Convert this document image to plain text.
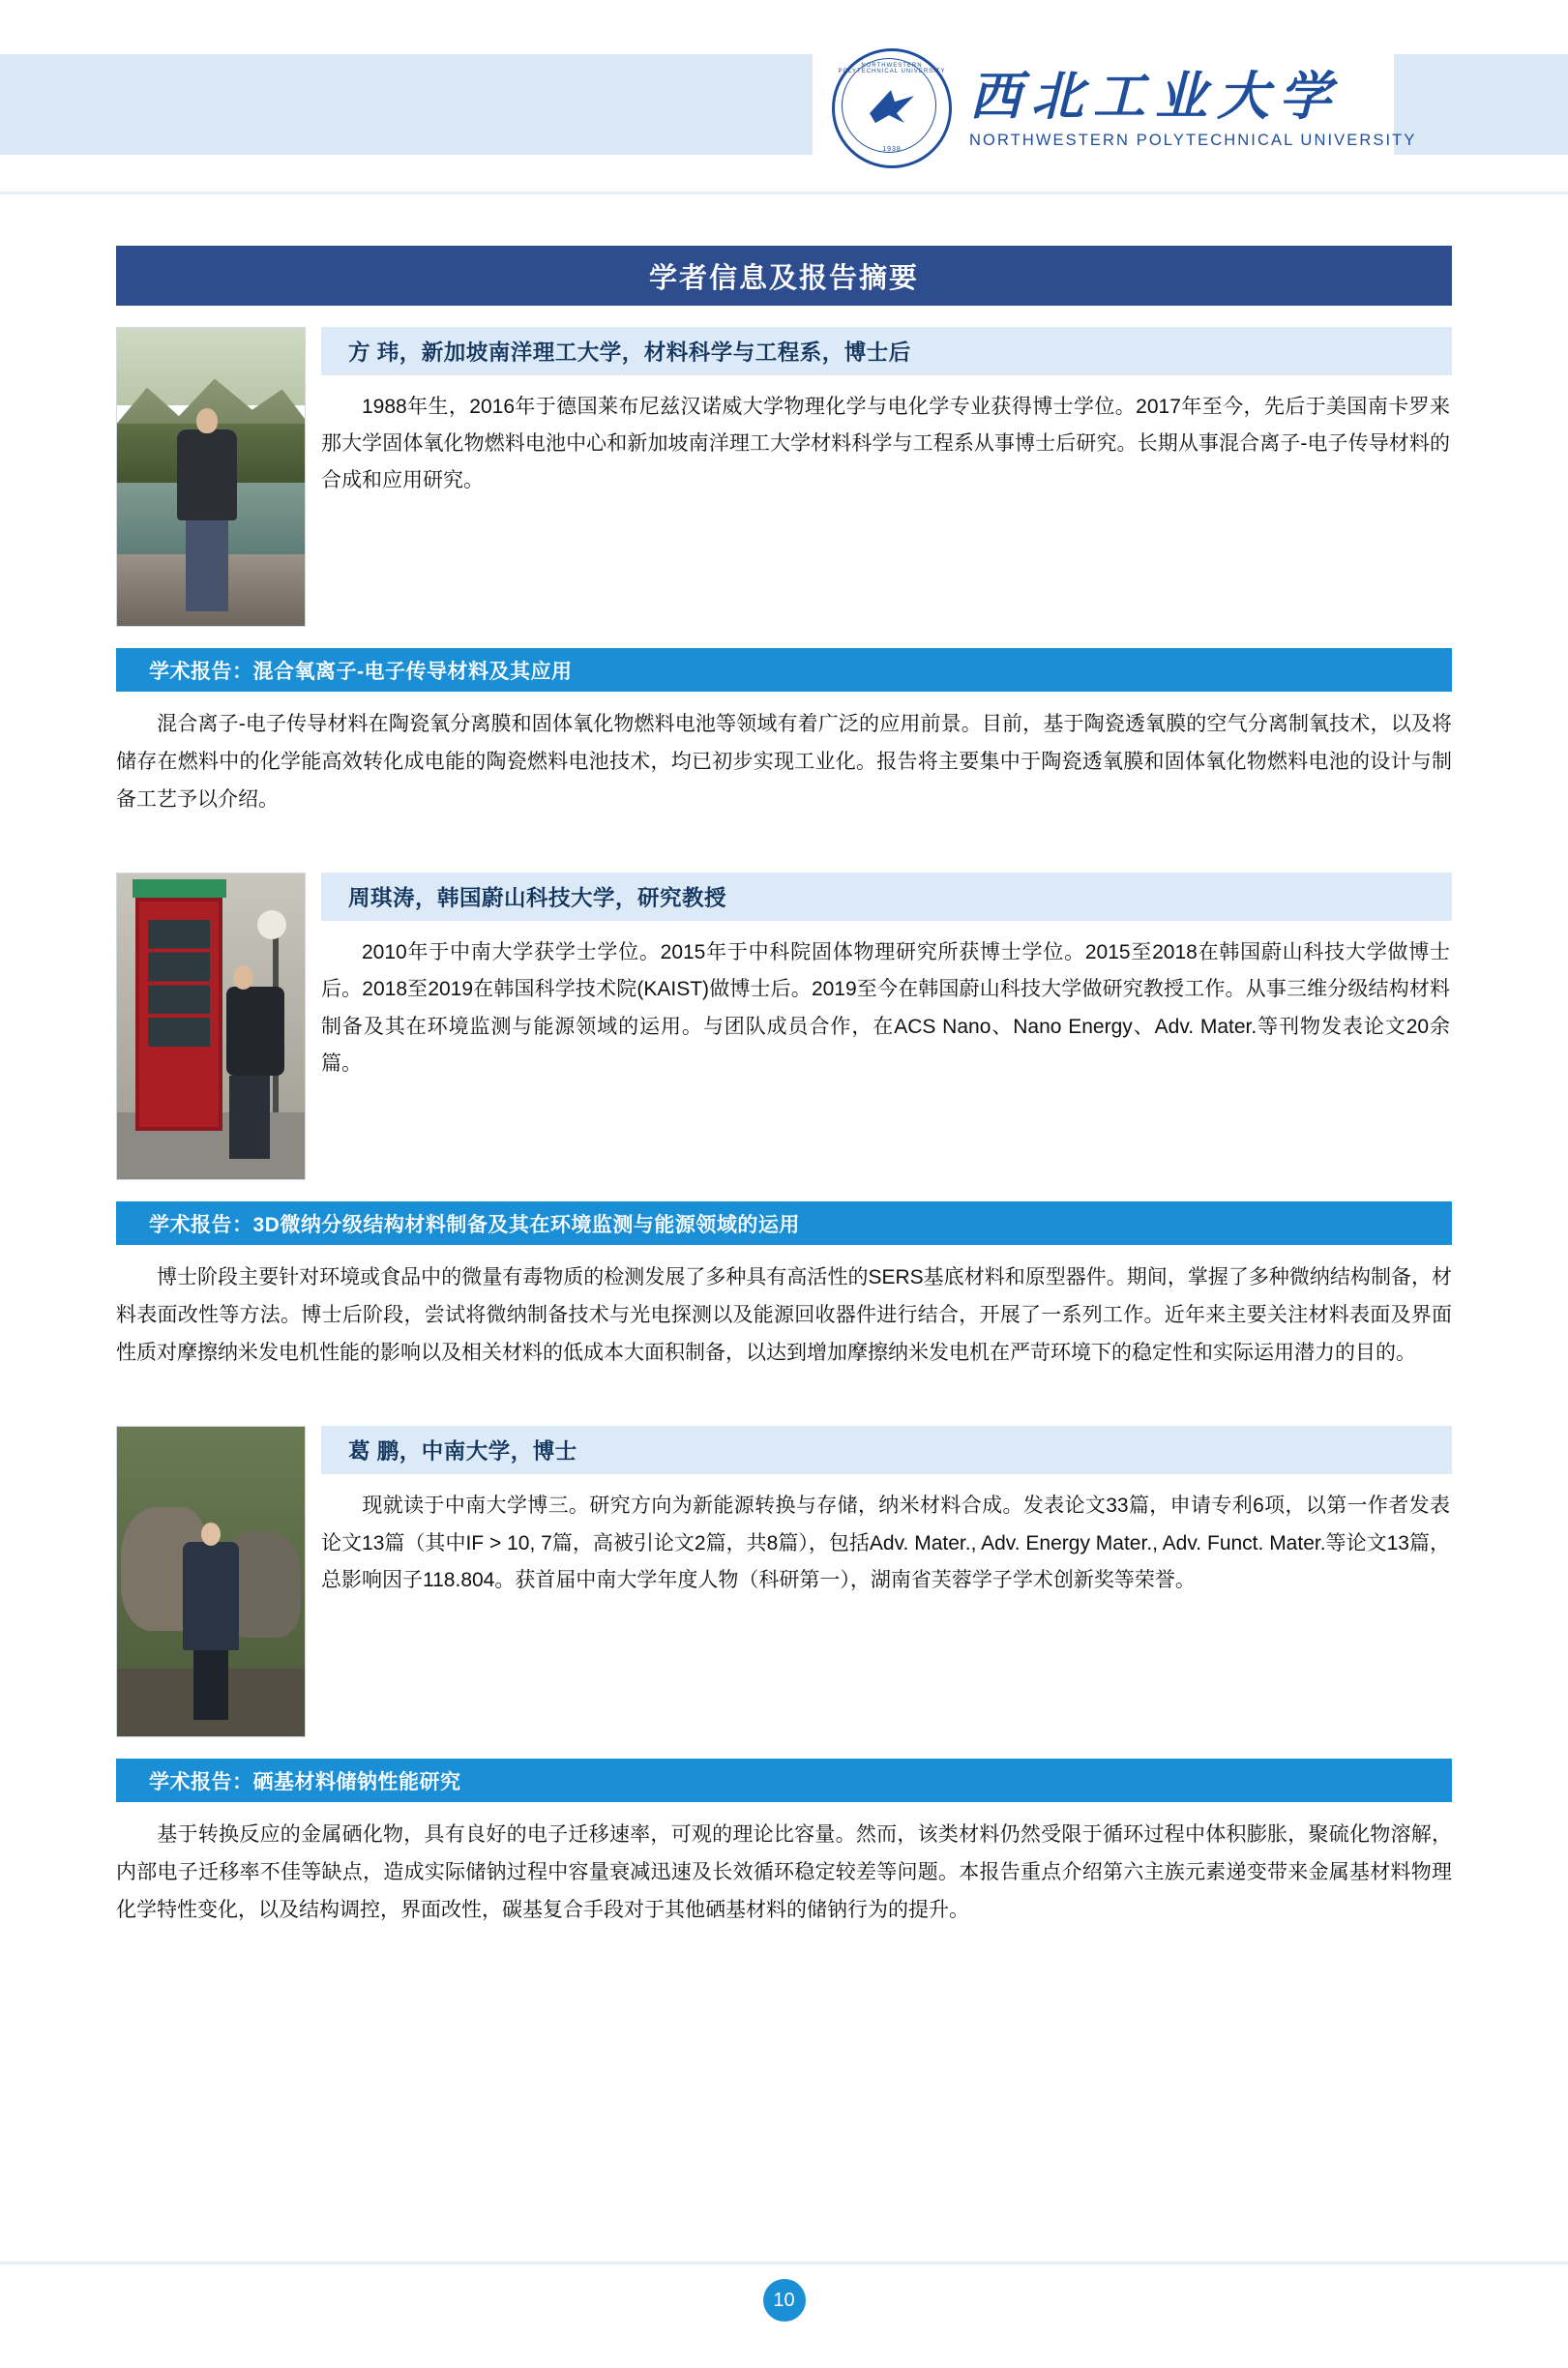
NORTHWESTERN POLYTECHNICAL UNIVERSITY
1938
西北工业大学
NORTHWESTERN POLYTECHNICAL UNIVERSITY
学者信息及报告摘要
方 玮，新加坡南洋理工大学，材料科学与工程系，博士后
1988年生，2016年于德国莱布尼兹汉诺威大学物理化学与电化学专业获得博士学位。2017年至今，先后于美国南卡罗来那大学固体氧化物燃料电池中心和新加坡南洋理工大学材料科学与工程系从事博士后研究。长期从事混合离子-电子传导材料的合成和应用研究。
学术报告：混合氧离子-电子传导材料及其应用
混合离子-电子传导材料在陶瓷氧分离膜和固体氧化物燃料电池等领域有着广泛的应用前景。目前，基于陶瓷透氧膜的空气分离制氧技术，以及将储存在燃料中的化学能高效转化成电能的陶瓷燃料电池技术，均已初步实现工业化。报告将主要集中于陶瓷透氧膜和固体氧化物燃料电池的设计与制备工艺予以介绍。
周琪涛，韩国蔚山科技大学，研究教授
2010年于中南大学获学士学位。2015年于中科院固体物理研究所获博士学位。2015至2018在韩国蔚山科技大学做博士后。2018至2019在韩国科学技术院(KAIST)做博士后。2019至今在韩国蔚山科技大学做研究教授工作。从事三维分级结构材料制备及其在环境监测与能源领域的运用。与团队成员合作，在ACS Nano、Nano Energy、Adv. Mater.等刊物发表论文20余篇。
学术报告：3D微纳分级结构材料制备及其在环境监测与能源领域的运用
博士阶段主要针对环境或食品中的微量有毒物质的检测发展了多种具有高活性的SERS基底材料和原型器件。期间，掌握了多种微纳结构制备，材料表面改性等方法。博士后阶段，尝试将微纳制备技术与光电探测以及能源回收器件进行结合，开展了一系列工作。近年来主要关注材料表面及界面性质对摩擦纳米发电机性能的影响以及相关材料的低成本大面积制备，以达到增加摩擦纳米发电机在严苛环境下的稳定性和实际运用潜力的目的。
葛 鹏，中南大学，博士
现就读于中南大学博三。研究方向为新能源转换与存储，纳米材料合成。发表论文33篇，申请专利6项，以第一作者发表论文13篇（其中IF > 10, 7篇，高被引论文2篇，共8篇），包括Adv. Mater., Adv. Energy Mater., Adv. Funct. Mater.等论文13篇，总影响因子118.804。获首届中南大学年度人物（科研第一），湖南省芙蓉学子学术创新奖等荣誉。
学术报告：硒基材料储钠性能研究
基于转换反应的金属硒化物，具有良好的电子迁移速率，可观的理论比容量。然而，该类材料仍然受限于循环过程中体积膨胀，聚硫化物溶解，内部电子迁移率不佳等缺点，造成实际储钠过程中容量衰减迅速及长效循环稳定较差等问题。本报告重点介绍第六主族元素递变带来金属基材料物理化学特性变化，以及结构调控，界面改性，碳基复合手段对于其他硒基材料的储钠行为的提升。
10
